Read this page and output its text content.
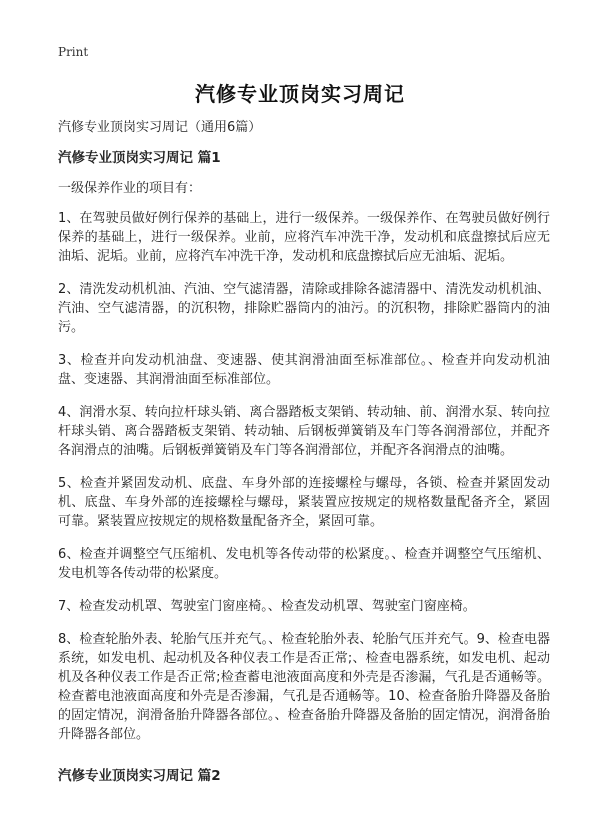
Print
汽修专业顶岗实习周记

汽修专业顶岗实习周记（通用6篇）

汽修专业顶岗实习周记 篇1

一级保养作业的项目有：

1、在驾驶员做好例行保养的基础上，进行一级保养。一级保养作、在驾驶员做好例行保养的基础上，进行一级保养。业前，应将汽车冲洗干净，发动机和底盘擦拭后应无油垢、泥垢。业前，应将汽车冲洗干净，发动机和底盘擦拭后应无油垢、泥垢。

2、清洗发动机机油、汽油、空气滤清器，清除或排除各滤清器中、清洗发动机机油、汽油、空气滤清器，的沉积物，排除贮器筒内的油污。的沉积物，排除贮器筒内的油污。

3、检查并向发动机油盘、变速器、使其润滑油面至标准部位。、检查并向发动机油盘、变速器、其润滑油面至标准部位。

4、润滑水泵、转向拉杆球头销、离合器踏板支架销、转动轴、前、润滑水泵、转向拉杆球头销、离合器踏板支架销、转动轴、后钢板弹簧销及车门等各润滑部位，并配齐各润滑点的油嘴。后钢板弹簧销及车门等各润滑部位，并配齐各润滑点的油嘴。

5、检查并紧固发动机、底盘、车身外部的连接螺栓与螺母，各锁、检查并紧固发动机、底盘、车身外部的连接螺栓与螺母，紧装置应按规定的规格数量配备齐全，紧固可靠。紧装置应按规定的规格数量配备齐全，紧固可靠。

6、检查并调整空气压缩机、发电机等各传动带的松紧度。、检查并调整空气压缩机、发电机等各传动带的松紧度。

7、检查发动机罩、驾驶室门窗座椅。、检查发动机罩、驾驶室门窗座椅。

8、检查轮胎外表、轮胎气压并充气。、检查轮胎外表、轮胎气压并充气。9、检查电器系统，如发电机、起动机及各种仪表工作是否正常;、检查电器系统，如发电机、起动机及各种仪表工作是否正常;检查蓄电池液面高度和外壳是否渗漏，气孔是否通畅等。检查蓄电池液面高度和外壳是否渗漏，气孔是否通畅等。10、检查备胎升降器及备胎的固定情况，润滑备胎升降器各部位。、检查备胎升降器及备胎的固定情况，润滑备胎升降器各部位。

汽修专业顶岗实习周记 篇2
